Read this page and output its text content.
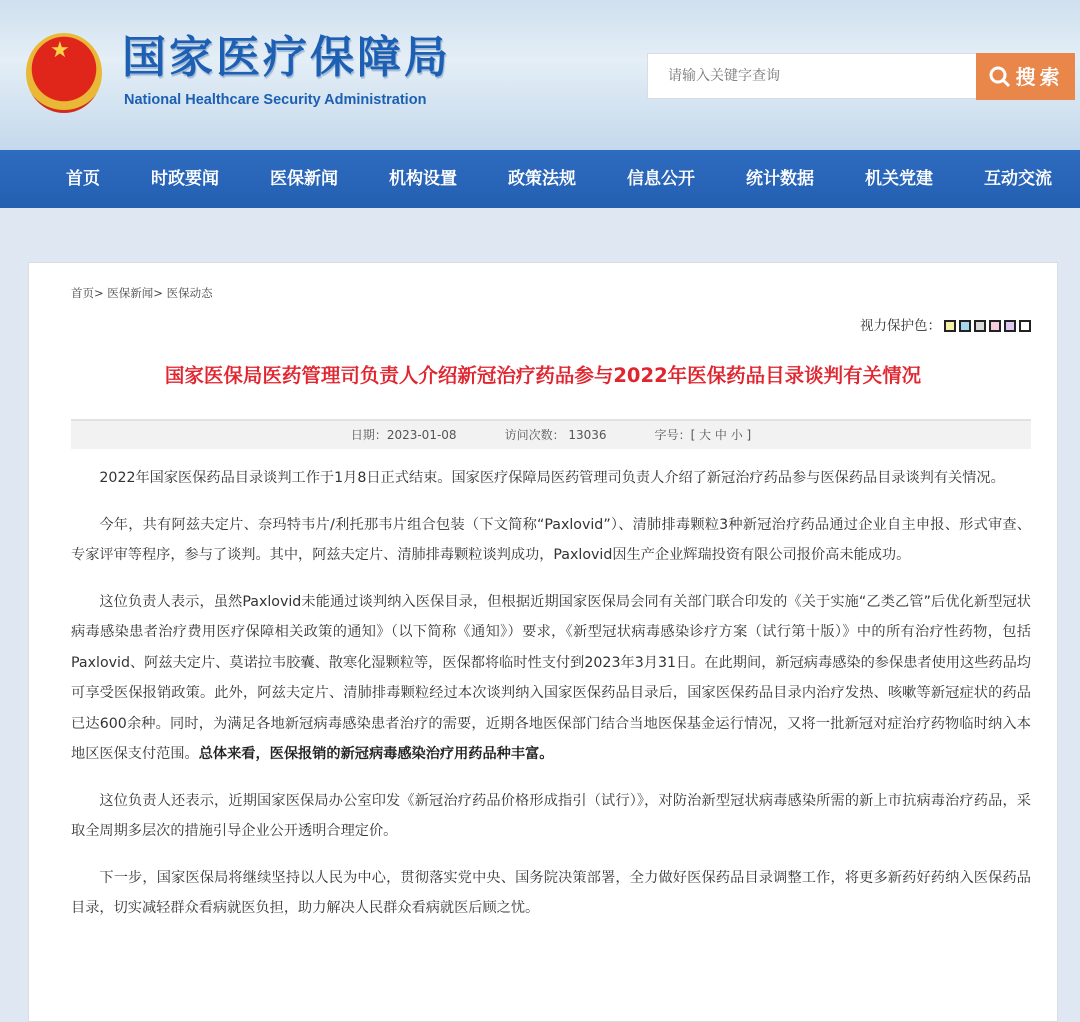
★ 国家医疗保障局
National Healthcare Security Administration
请输入关键字查询
搜索
首页	时政要闻	医保新闻	机构设置	政策法规	信息公开	统计数据	机关党建	互动交流
首页> 医保新闻> 医保动态
视力保护色：
国家医保局医药管理司负责人介绍新冠治疗药品参与2022年医保药品目录谈判有关情况
日期：2023-01-08	访问次数： 13036	字号：[ 大 中 小 ]

2022年国家医保药品目录谈判工作于1月8日正式结束。国家医疗保障局医药管理司负责人介绍了新冠治疗药品参与医保药品目录谈判有关情况。

今年，共有阿兹夫定片、奈玛特韦片/利托那韦片组合包装（下文简称“Paxlovid”）、清肺排毒颗粒3种新冠治疗药品通过企业自主申报、形式审查、专家评审等程序，参与了谈判。其中，阿兹夫定片、清肺排毒颗粒谈判成功，Paxlovid因生产企业辉瑞投资有限公司报价高未能成功。

这位负责人表示，虽然Paxlovid未能通过谈判纳入医保目录，但根据近期国家医保局会同有关部门联合印发的《关于实施“乙类乙管”后优化新型冠状病毒感染患者治疗费用医疗保障相关政策的通知》（以下简称《通知》）要求，《新型冠状病毒感染诊疗方案（试行第十版）》中的所有治疗性药物，包括Paxlovid、阿兹夫定片、莫诺拉韦胶囊、散寒化湿颗粒等，医保都将临时性支付到2023年3月31日。在此期间，新冠病毒感染的参保患者使用这些药品均可享受医保报销政策。此外，阿兹夫定片、清肺排毒颗粒经过本次谈判纳入国家医保药品目录后，国家医保药品目录内治疗发热、咳嗽等新冠症状的药品已达600余种。同时，为满足各地新冠病毒感染患者治疗的需要，近期各地医保部门结合当地医保基金运行情况，又将一批新冠对症治疗药物临时纳入本地区医保支付范围。总体来看，医保报销的新冠病毒感染治疗用药品种丰富。

这位负责人还表示，近期国家医保局办公室印发《新冠治疗药品价格形成指引（试行）》，对防治新型冠状病毒感染所需的新上市抗病毒治疗药品，采取全周期多层次的措施引导企业公开透明合理定价。

下一步，国家医保局将继续坚持以人民为中心，贯彻落实党中央、国务院决策部署，全力做好医保药品目录调整工作，将更多新药好药纳入医保药品目录，切实减轻群众看病就医负担，助力解决人民群众看病就医后顾之忧。
